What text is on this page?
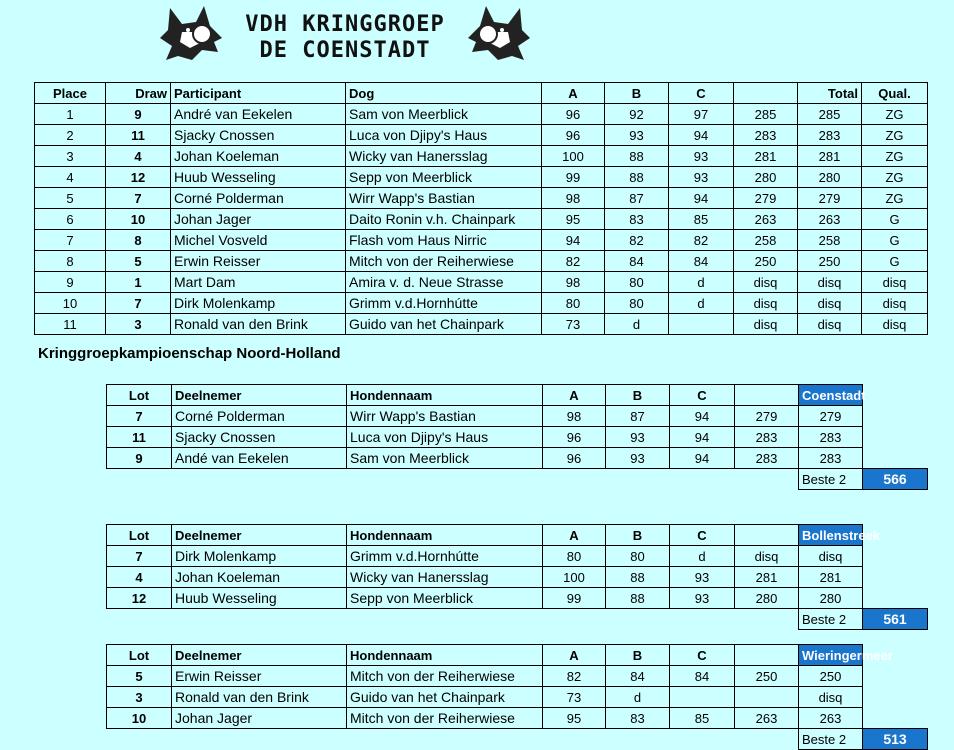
VDH KRINGGROEP
DE COENSTADT
Place	Draw	Participant	Dog	A	B	C		Total	Qual.
1	9	André van Eekelen	Sam von Meerblick	96	92	97	285	285	ZG
2	11	Sjacky Cnossen	Luca von Djipy's Haus	96	93	94	283	283	ZG
3	4	Johan Koeleman	Wicky van Hanersslag	100	88	93	281	281	ZG
4	12	Huub Wesseling	Sepp von Meerblick	99	88	93	280	280	ZG
5	7	Corné Polderman	Wirr Wapp's Bastian	98	87	94	279	279	ZG
6	10	Johan Jager	Daito Ronin v.h. Chainpark	95	83	85	263	263	G
7	8	Michel Vosveld	Flash vom Haus Nirric	94	82	82	258	258	G
8	5	Erwin Reisser	Mitch von der Reiherwiese	82	84	84	250	250	G
9	1	Mart Dam	Amira v. d. Neue Strasse	98	80	d	disq	disq	disq
10	7	Dirk Molenkamp	Grimm v.d.Hornhútte	80	80	d	disq	disq	disq
11	3	Ronald van den Brink	Guido van het Chainpark	73	d		disq	disq	disq
Kringgroepkampioenschap Noord-Holland
Lot	Deelnemer	Hondennaam	A	B	C		Coenstadt	
7	Corné Polderman	Wirr Wapp's Bastian	98	87	94	279	279	
11	Sjacky Cnossen	Luca von Djipy's Haus	96	93	94	283	283	
9	Andé van Eekelen	Sam von Meerblick	96	93	94	283	283	
							Beste 2	566
Lot	Deelnemer	Hondennaam	A	B	C		Bollenstreek	
7	Dirk Molenkamp	Grimm v.d.Hornhútte	80	80	d	disq	disq	
4	Johan Koeleman	Wicky van Hanersslag	100	88	93	281	281	
12	Huub Wesseling	Sepp von Meerblick	99	88	93	280	280	
							Beste 2	561
Lot	Deelnemer	Hondennaam	A	B	C		Wieringermeer	
5	Erwin Reisser	Mitch von der Reiherwiese	82	84	84	250	250	
3	Ronald van den Brink	Guido van het Chainpark	73	d			disq	
10	Johan Jager	Mitch von der Reiherwiese	95	83	85	263	263	
							Beste 2	513
